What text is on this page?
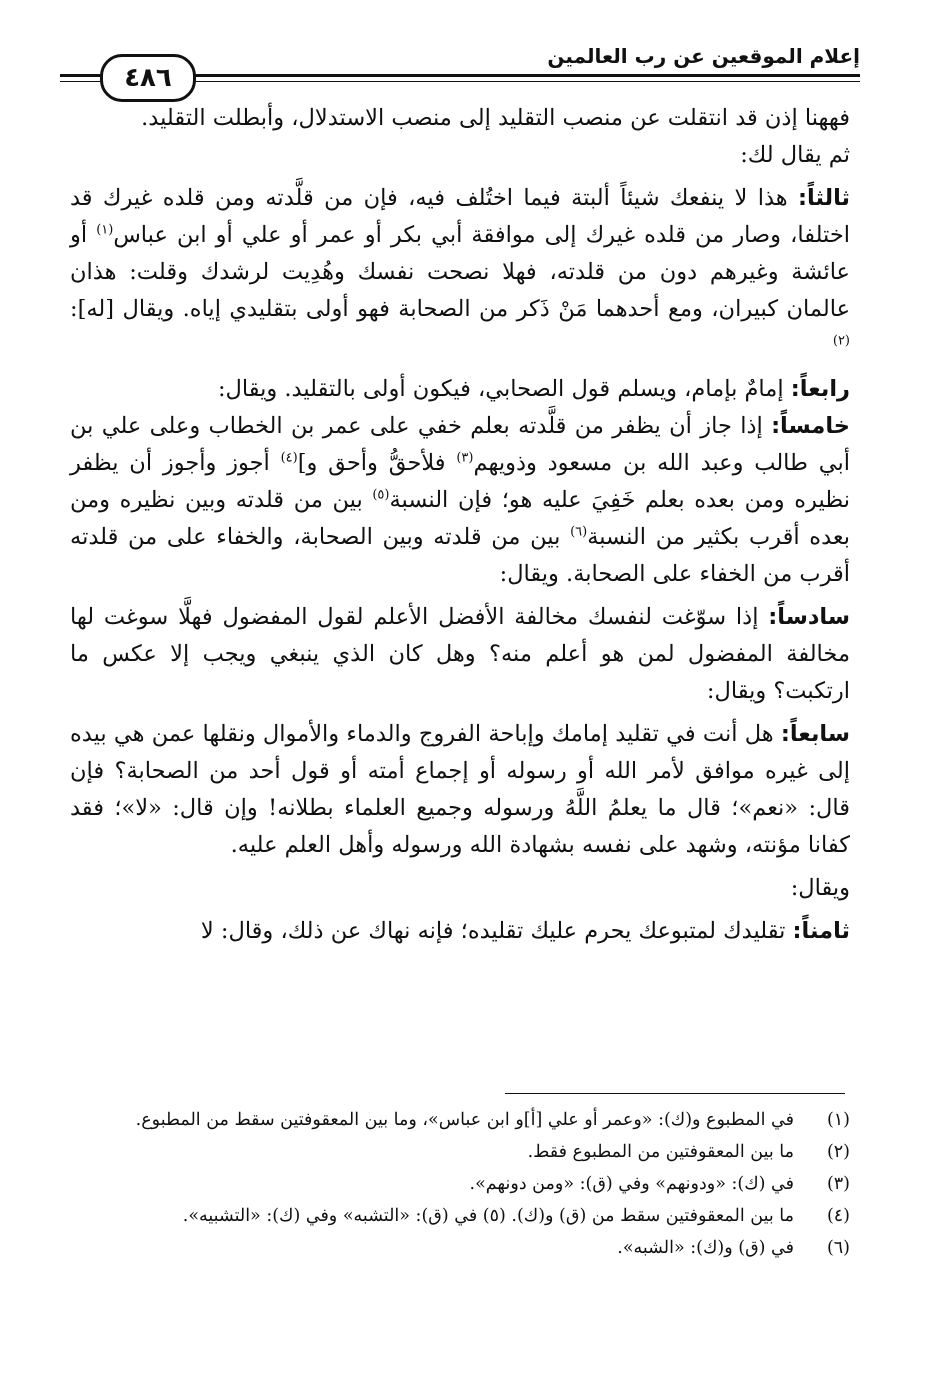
إعلام الموقعين عن رب العالمين
٤٨٦

فههنا إذن قد انتقلت عن منصب التقليد إلى منصب الاستدلال، وأبطلت التقليد.

ثم يقال لك:

ثالثاً: هذا لا ينفعك شيئاً ألبتة فيما اختُلف فيه، فإن من قلَّدته ومن قلده غيرك قد اختلفا، وصار من قلده غيرك إلى موافقة أبي بكر أو عمر أو علي أو ابن عباس$^{(١)}$ أو عائشة وغيرهم دون من قلدته، فهلا نصحت نفسك وهُدِيت لرشدك وقلت: هذان عالمان كبيران، ومع أحدهما مَنْ ذَكر من الصحابة فهو أولى بتقليدي إياه. ويقال [له]:$^{(٢)}$

رابعاً: إمامٌ بإمام، ويسلم قول الصحابي، فيكون أولى بالتقليد. ويقال:

خامساً: إذا جاز أن يظفر من قلَّدته بعلم خفي على عمر بن الخطاب وعلى علي بن أبي طالب وعبد الله بن مسعود وذويهم$^{(٣)}$ فلأحقُّ وأحق و]$^{(٤)}$ أجوز وأجوز أن يظفر نظيره ومن بعده بعلم خَفِيَ عليه هو؛ فإن النسبة$^{(٥)}$ بين من قلدته وبين نظيره ومن بعده أقرب بكثير من النسبة$^{(٦)}$ بين من قلدته وبين الصحابة، والخفاء على من قلدته أقرب من الخفاء على الصحابة. ويقال:

سادساً: إذا سوّغت لنفسك مخالفة الأفضل الأعلم لقول المفضول فهلَّا سوغت لها مخالفة المفضول لمن هو أعلم منه؟ وهل كان الذي ينبغي ويجب إلا عكس ما ارتكبت؟ ويقال:

سابعاً: هل أنت في تقليد إمامك وإباحة الفروج والدماء والأموال ونقلها عمن هي بيده إلى غيره موافق لأمر الله أو رسوله أو إجماع أمته أو قول أحد من الصحابة؟ فإن قال: «نعم»؛ قال ما يعلمُ اللَّهُ ورسوله وجميع العلماء بطلانه! وإن قال: «لا»؛ فقد كفانا مؤنته، وشهد على نفسه بشهادة الله ورسوله وأهل العلم عليه.

ويقال:

ثامناً: تقليدك لمتبوعك يحرم عليك تقليده؛ فإنه نهاك عن ذلك، وقال: لا

(١)
في المطبوع و(ك): «وعمر أو علي [أ]و ابن عباس»، وما بين المعقوفتين سقط من المطبوع.
(٢)
ما بين المعقوفتين من المطبوع فقط.
(٣)
في (ك): «ودونهم» وفي (ق): «ومن دونهم».
(٤)
ما بين المعقوفتين سقط من (ق) و(ك). (٥) في (ق): «التشبه» وفي (ك): «التشبيه».
(٦)
في (ق) و(ك): «الشبه».
